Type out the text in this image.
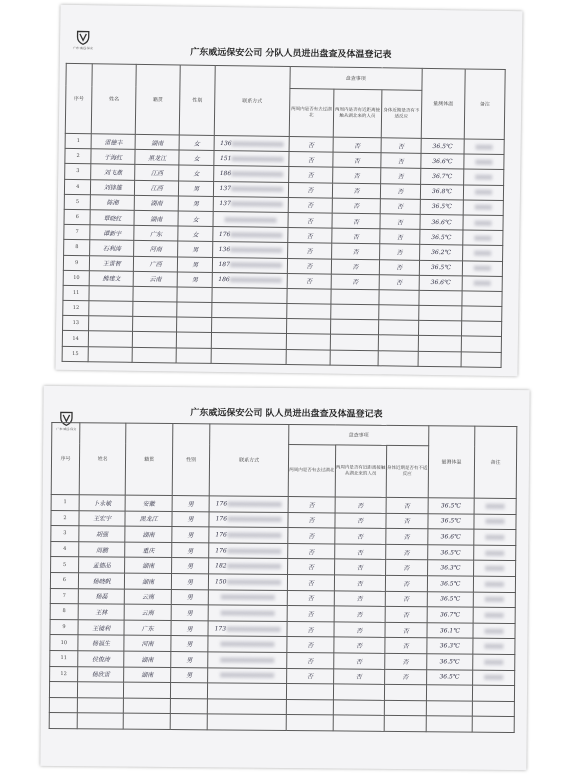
广东·威远·保安	广东威远保安公司 分队人员进出盘查及体温登记表
序号	姓名	籍贯	性别	联系方式	盘查事项			量测体温	备注
					两周内是否有去过湖北	两周内是否有近距离接触从湖北来的人员	身体近期是否有不适反应		
1	雷德丰	湖南	女	136	否	否	否	36.5℃	
2	于海红	黑龙江	女	151	否	否	否	36.6℃	
3	刘飞燕	江西	女	186	否	否	否	36.7℃	
4	刘锋雄	江西	男	137	否	否	否	36.8℃	
5	陈湘	湖南	男	137	否	否	否	36.5℃	
6	覃晓红	湖南	女		否	否	否	36.6℃	
7	谭新宇	广东	女	176	否	否	否	36.5℃	
8	石利涛	河南	男	136	否	否	否	36.2℃	
9	王雷智	广西	男	187	否	否	否	36.5℃	
10	熊建文	云南	男	186	否	否	否	36.6℃	
11									
12									
13									
14									
15									
广东·威远·保安
广东威远保安公司 队人员进出盘查及体温登记表
序号	姓名	籍贯	性别	联系方式	盘查事项			量测体温	备注
					两周内是否有去过湖北	两周内是否有近距离接触从湖北来的人员	身体近期是否有不适反应		
1	卜永敏	安徽	男	176	否	否	否	36.5℃	
2	王宏宇	黑龙江	男	176	否	否	否	36.5℃	
3	胡强	湖南	男	176	否	否	否	36.6℃	
4	周鹏	重庆	男	176	否	否	否	36.5℃	
5	孟德品	湖南	男	182	否	否	否	36.3℃	
6	杨晓帆	湖南	男	150	否	否	否	36.5℃	
7	杨磊	云南	男		否	否	否	36.5℃	
8	王林	云南	男		否	否	否	36.7℃	
9	王镜利	广东	男	173	否	否	否	36.1℃	
10	杨福生	河南	男		否	否	否	36.3℃	
11	侯俊涛	湖南	男		否	否	否	36.5℃	
12	杨欣雷	湖南	男		否	否	否	36.5℃	
